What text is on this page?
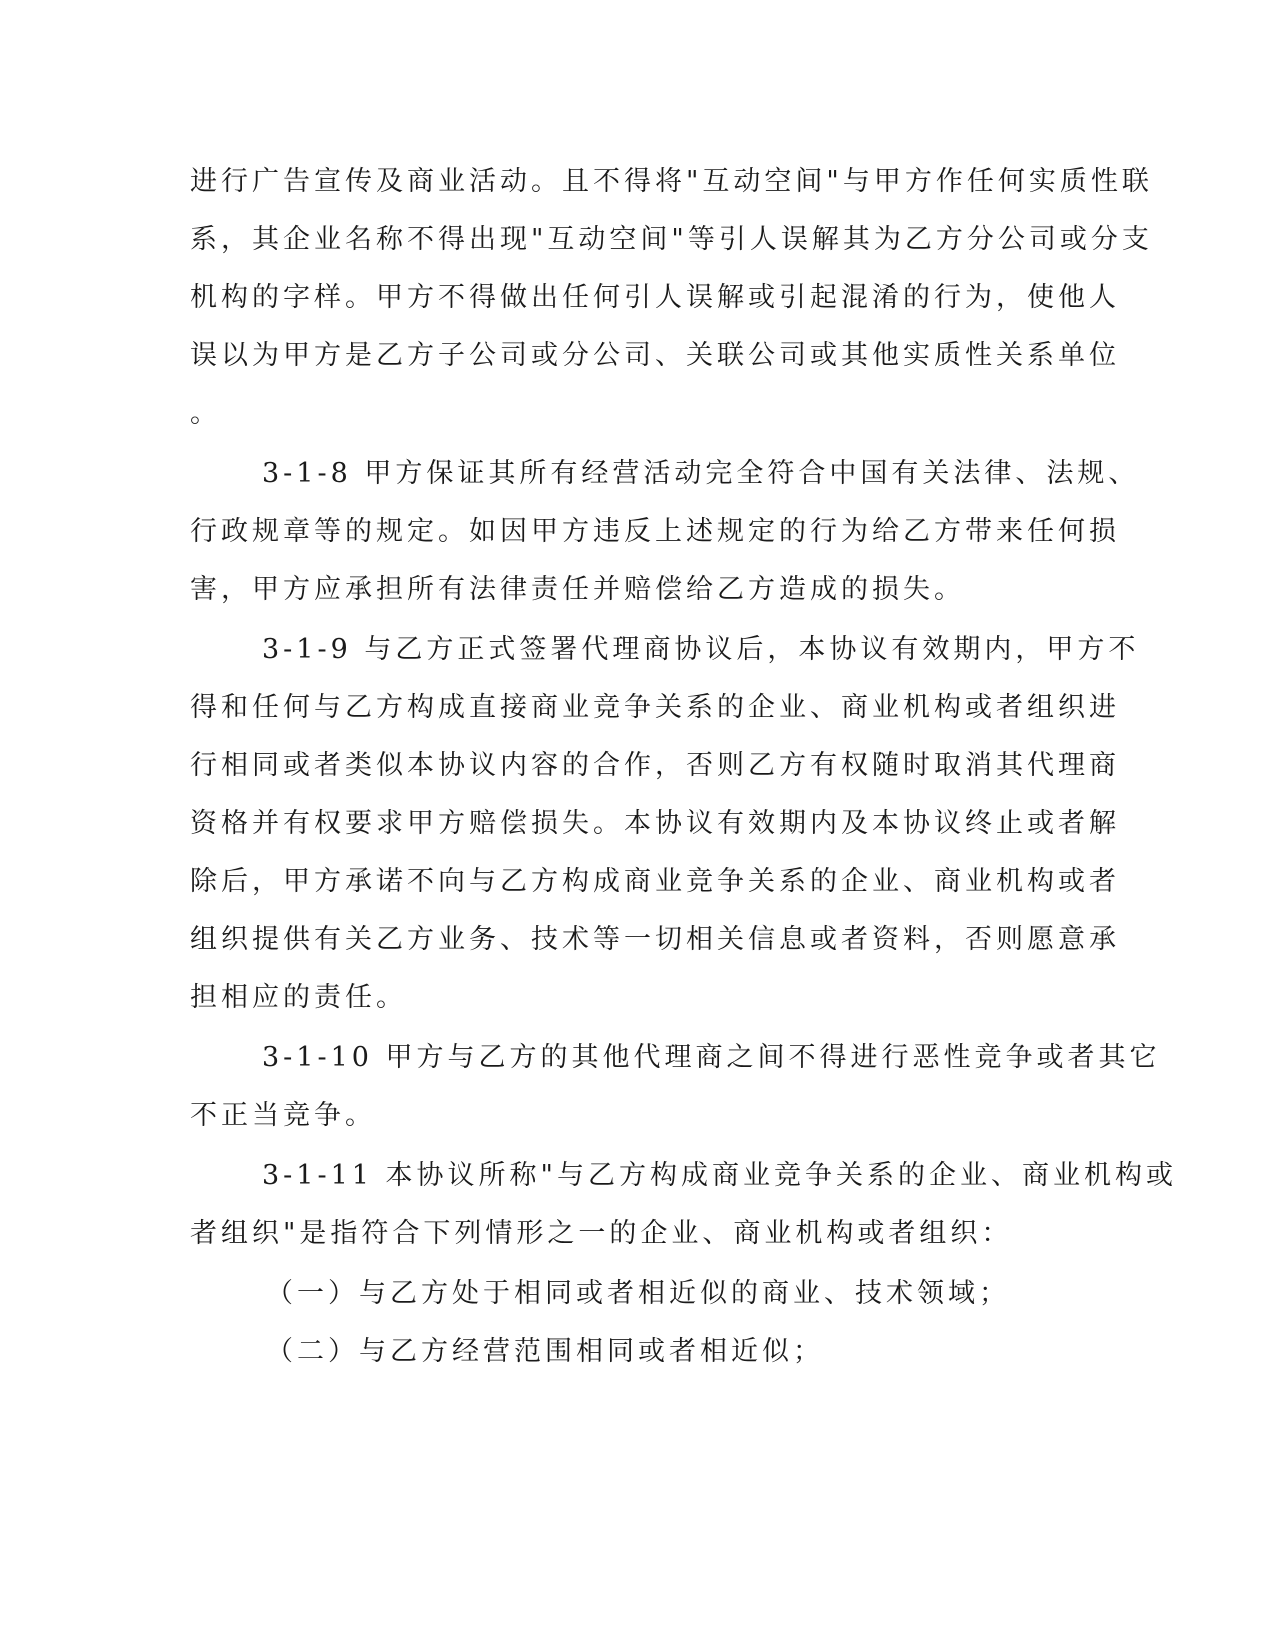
进行广告宣传及商业活动。且不得将"互动空间"与甲方作任何实质性联
系，其企业名称不得出现"互动空间"等引人误解其为乙方分公司或分支
机构的字样。甲方不得做出任何引人误解或引起混淆的行为，使他人
误以为甲方是乙方子公司或分公司、关联公司或其他实质性关系单位
。
3-1-8 甲方保证其所有经营活动完全符合中国有关法律、法规、
行政规章等的规定。如因甲方违反上述规定的行为给乙方带来任何损
害，甲方应承担所有法律责任并赔偿给乙方造成的损失。
3-1-9 与乙方正式签署代理商协议后，本协议有效期内，甲方不
得和任何与乙方构成直接商业竞争关系的企业、商业机构或者组织进
行相同或者类似本协议内容的合作，否则乙方有权随时取消其代理商
资格并有权要求甲方赔偿损失。本协议有效期内及本协议终止或者解
除后，甲方承诺不向与乙方构成商业竞争关系的企业、商业机构或者
组织提供有关乙方业务、技术等一切相关信息或者资料，否则愿意承
担相应的责任。
3-1-10 甲方与乙方的其他代理商之间不得进行恶性竞争或者其它
不正当竞争。
3-1-11 本协议所称"与乙方构成商业竞争关系的企业、商业机构或
者组织"是指符合下列情形之一的企业、商业机构或者组织：
（一）与乙方处于相同或者相近似的商业、技术领域；
（二）与乙方经营范围相同或者相近似；
